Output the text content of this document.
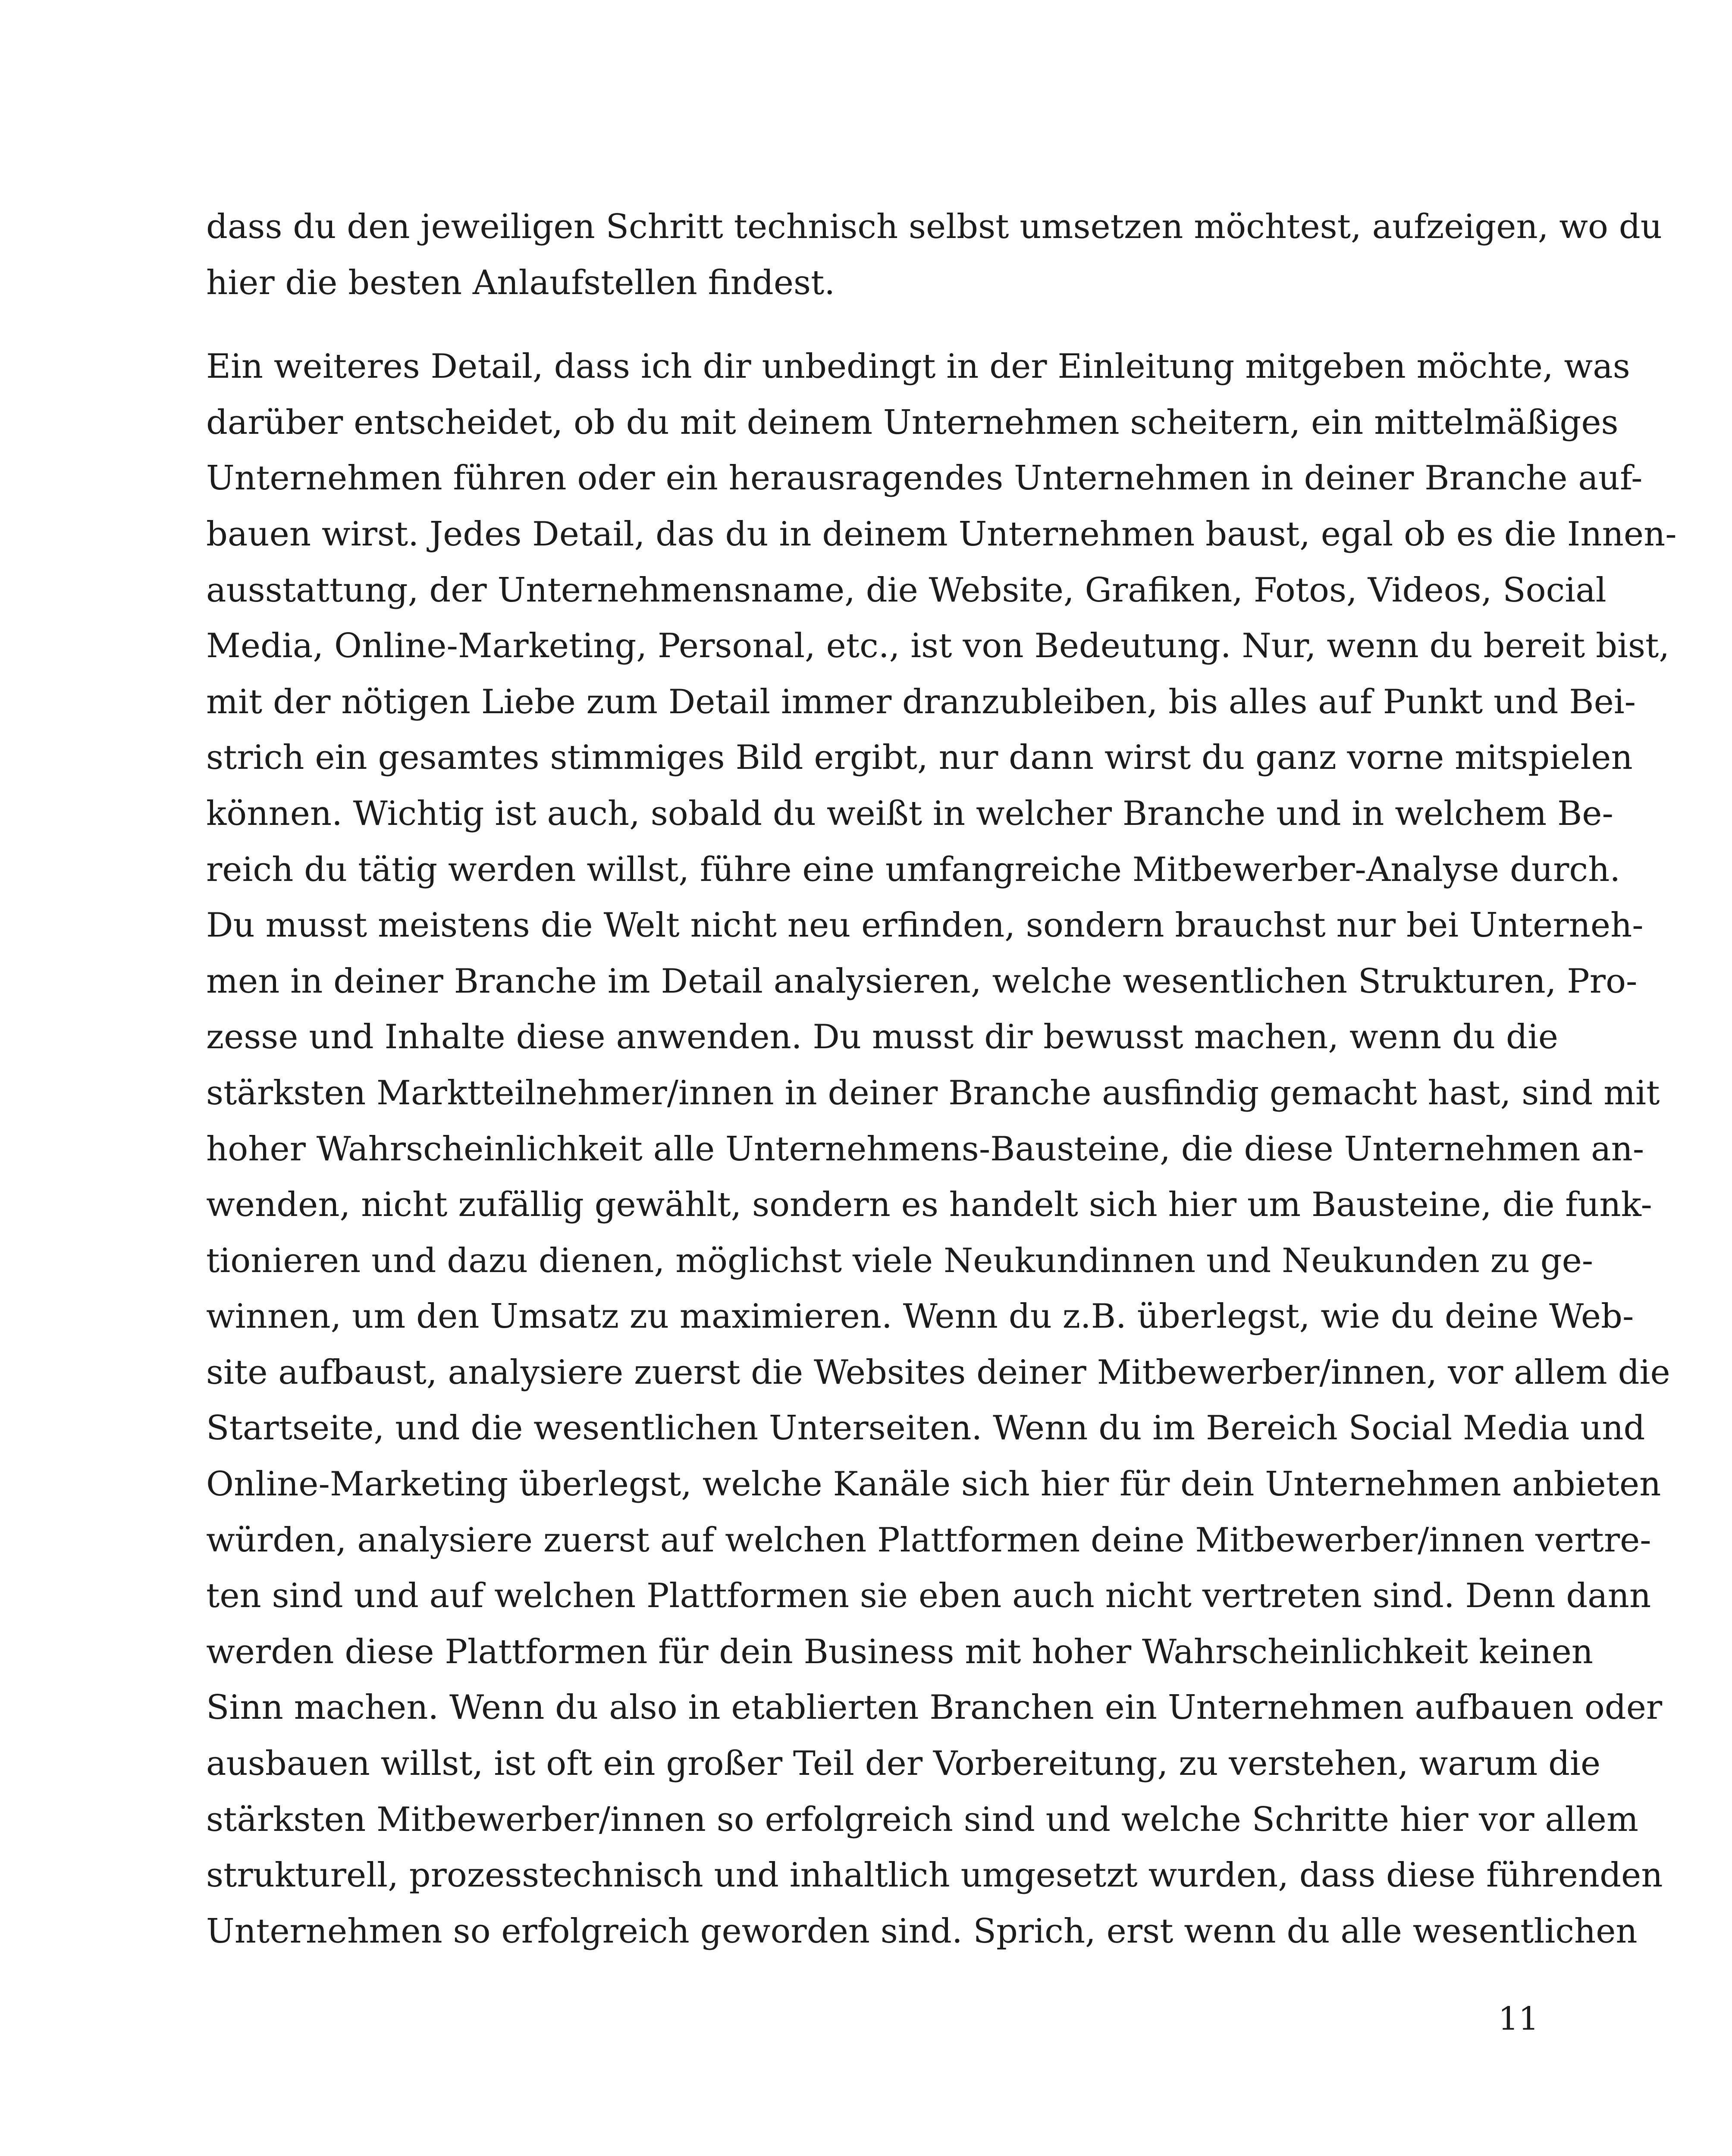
dass du den jeweiligen Schritt technisch selbst umsetzen möchtest, aufzeigen, wo du
hier die besten Anlaufstellen findest.

Ein weiteres Detail, dass ich dir unbedingt in der Einleitung mitgeben möchte, was
darüber entscheidet, ob du mit deinem Unternehmen scheitern, ein mittelmäßiges
Unternehmen führen oder ein herausragendes Unternehmen in deiner Branche auf-
bauen wirst. Jedes Detail, das du in deinem Unternehmen baust, egal ob es die Innen-
ausstattung, der Unternehmensname, die Website, Grafiken, Fotos, Videos, Social
Media, Online-Marketing, Personal, etc., ist von Bedeutung. Nur, wenn du bereit bist,
mit der nötigen Liebe zum Detail immer dranzubleiben, bis alles auf Punkt und Bei-
strich ein gesamtes stimmiges Bild ergibt, nur dann wirst du ganz vorne mitspielen
können. Wichtig ist auch, sobald du weißt in welcher Branche und in welchem Be-
reich du tätig werden willst, führe eine umfangreiche Mitbewerber-Analyse durch.
Du musst meistens die Welt nicht neu erfinden, sondern brauchst nur bei Unterneh-
men in deiner Branche im Detail analysieren, welche wesentlichen Strukturen, Pro-
zesse und Inhalte diese anwenden. Du musst dir bewusst machen, wenn du die
stärksten Marktteilnehmer/innen in deiner Branche ausfindig gemacht hast, sind mit
hoher Wahrscheinlichkeit alle Unternehmens-Bausteine, die diese Unternehmen an-
wenden, nicht zufällig gewählt, sondern es handelt sich hier um Bausteine, die funk-
tionieren und dazu dienen, möglichst viele Neukundinnen und Neukunden zu ge-
winnen, um den Umsatz zu maximieren. Wenn du z.B. überlegst, wie du deine Web-
site aufbaust, analysiere zuerst die Websites deiner Mitbewerber/innen, vor allem die
Startseite, und die wesentlichen Unterseiten. Wenn du im Bereich Social Media und
Online-Marketing überlegst, welche Kanäle sich hier für dein Unternehmen anbieten
würden, analysiere zuerst auf welchen Plattformen deine Mitbewerber/innen vertre-
ten sind und auf welchen Plattformen sie eben auch nicht vertreten sind. Denn dann
werden diese Plattformen für dein Business mit hoher Wahrscheinlichkeit keinen
Sinn machen. Wenn du also in etablierten Branchen ein Unternehmen aufbauen oder
ausbauen willst, ist oft ein großer Teil der Vorbereitung, zu verstehen, warum die
stärksten Mitbewerber/innen so erfolgreich sind und welche Schritte hier vor allem
strukturell, prozesstechnisch und inhaltlich umgesetzt wurden, dass diese führenden
Unternehmen so erfolgreich geworden sind. Sprich, erst wenn du alle wesentlichen

11
